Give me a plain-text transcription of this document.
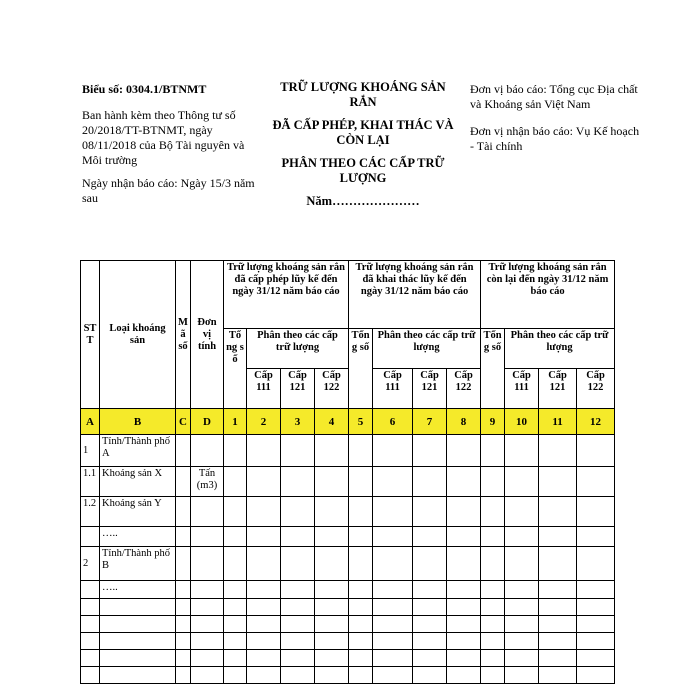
Biểu số: 0304.1/BTNMT
Ban hành kèm theo Thông tư số 20/2018/TT-BTNMT, ngày 08/11/2018 của Bộ Tài nguyên và Môi trường
Ngày nhận báo cáo: Ngày 15/3 năm sau
TRỮ LƯỢNG KHOÁNG SẢN RẮN
ĐÃ CẤP PHÉP, KHAI THÁC VÀ CÒN LẠI
PHÂN THEO CÁC CẤP TRỮ LƯỢNG
Năm…………………
Đơn vị báo cáo: Tổng cục Địa chất và Khoáng sản Việt Nam
Đơn vị nhận báo cáo: Vụ Kế hoạch - Tài chính
STT	Loại khoáng sản	Mã số	Đơn vị tính	Trữ lượng khoáng sản rắn đã cấp phép lũy kế đến ngày 31/12 năm báo cáo				Trữ lượng khoáng sản rắn đã khai thác lũy kế đến ngày 31/12 năm báo cáo				Trữ lượng khoáng sản rắn còn lại đến ngày 31/12 năm báo cáo			
				Tổng số	Phân theo các cấp trữ lượng			Tổng số	Phân theo các cấp trữ lượng			Tổng số	Phân theo các cấp trữ lượng		
					Cấp 111	Cấp 121	Cấp 122		Cấp 111	Cấp 121	Cấp 122		Cấp 111	Cấp 121	Cấp 122
A	B	C	D	1	2	3	4	5	6	7	8	9	10	11	12
1	Tỉnh/Thành phố A														
1.1	Khoáng sản X		Tấn (m3)												
1.2	Khoáng sản Y														
	…..														
2	Tỉnh/Thành phố B														
	…..														
